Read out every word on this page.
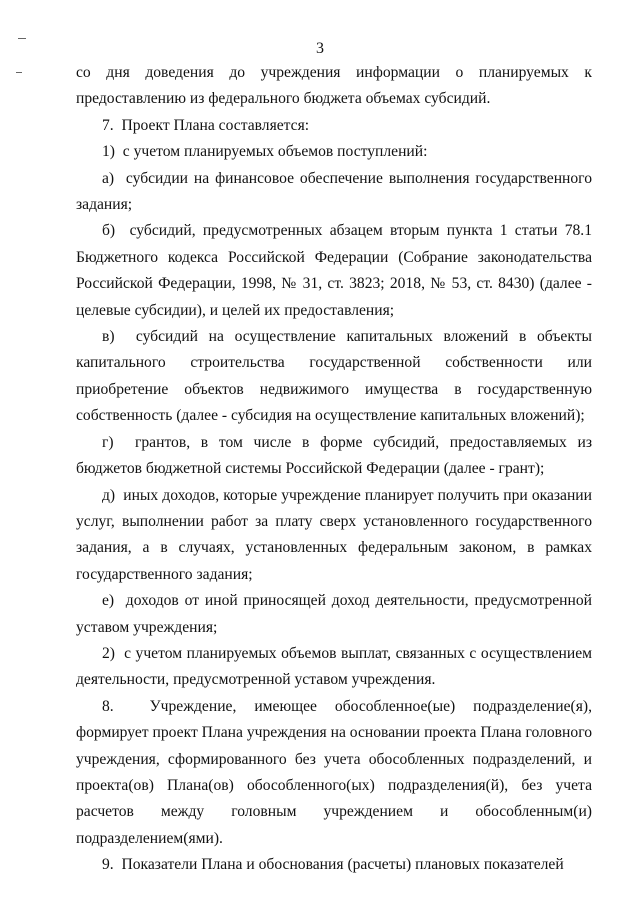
3

со дня доведения до учреждения информации о планируемых к предоставлению из федерального бюджета объемах субсидий.

7.  Проект Плана составляется:

1)  с учетом планируемых объемов поступлений:

а)  субсидии на финансовое обеспечение выполнения государственного задания;

б)  субсидий, предусмотренных абзацем вторым пункта 1 статьи 78.1 Бюджетного кодекса Российской Федерации (Собрание законодательства Российской Федерации, 1998, № 31, ст. 3823; 2018, № 53, ст. 8430) (далее - целевые субсидии), и целей их предоставления;

в)  субсидий на осуществление капитальных вложений в объекты капитального строительства государственной собственности или приобретение объектов недвижимого имущества в государственную собственность (далее - субсидия на осуществление капитальных вложений);

г)  грантов, в том числе в форме субсидий, предоставляемых из бюджетов бюджетной системы Российской Федерации (далее - грант);

д)  иных доходов, которые учреждение планирует получить при оказании услуг, выполнении работ за плату сверх установленного государственного задания, а в случаях, установленных федеральным законом, в рамках государственного задания;

е)  доходов от иной приносящей доход деятельности, предусмотренной уставом учреждения;

2)  с учетом планируемых объемов выплат, связанных с осуществлением деятельности, предусмотренной уставом учреждения.

8.  Учреждение, имеющее обособленное(ые) подразделение(я), формирует проект Плана учреждения на основании проекта Плана головного учреждения, сформированного без учета обособленных подразделений, и проекта(ов) Плана(ов) обособленного(ых) подразделения(й), без учета расчетов между головным учреждением и обособленным(и) подразделением(ями).

9.  Показатели Плана и обоснования (расчеты) плановых показателей
